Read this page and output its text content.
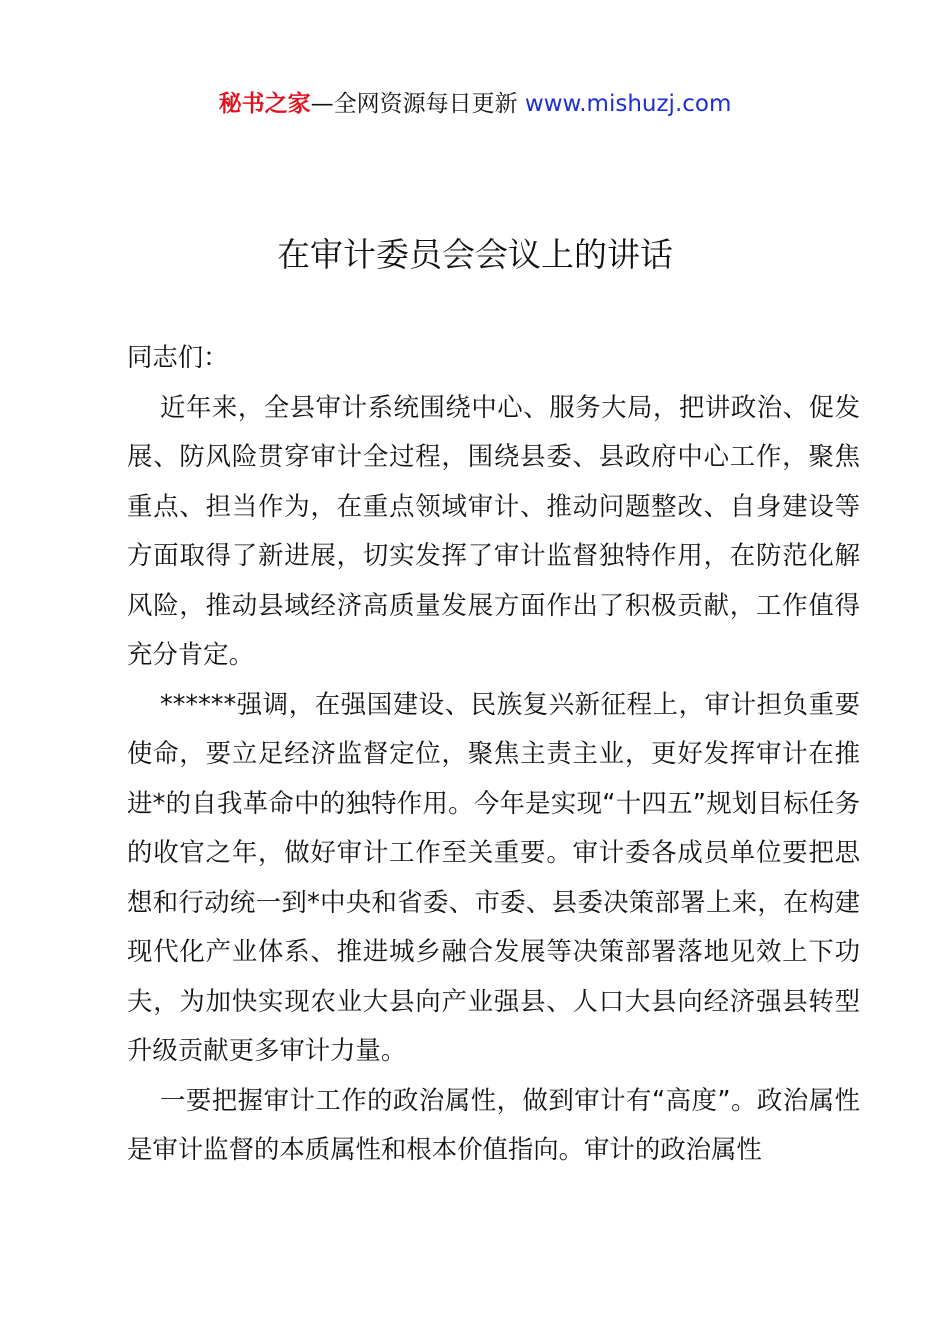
秘书之家—全网资源每日更新 www.mishuzj.com
在审计委员会会议上的讲话

同志们：

近年来，全县审计系统围绕中心、服务大局，把讲政治、促发展、防风险贯穿审计全过程，围绕县委、县政府中心工作，聚焦重点、担当作为，在重点领域审计、推动问题整改、自身建设等方面取得了新进展，切实发挥了审计监督独特作用，在防范化解风险，推动县域经济高质量发展方面作出了积极贡献，工作值得充分肯定。

******强调，在强国建设、民族复兴新征程上，审计担负重要使命，要立足经济监督定位，聚焦主责主业，更好发挥审计在推进*的自我革命中的独特作用。今年是实现“十四五”规划目标任务的收官之年，做好审计工作至关重要。审计委各成员单位要把思想和行动统一到*中央和省委、市委、县委决策部署上来，在构建现代化产业体系、推进城乡融合发展等决策部署落地见效上下功夫，为加快实现农业大县向产业强县、人口大县向经济强县转型升级贡献更多审计力量。

一要把握审计工作的政治属性，做到审计有“高度”。政治属性是审计监督的本质属性和根本价值指向。审计的政治属性
